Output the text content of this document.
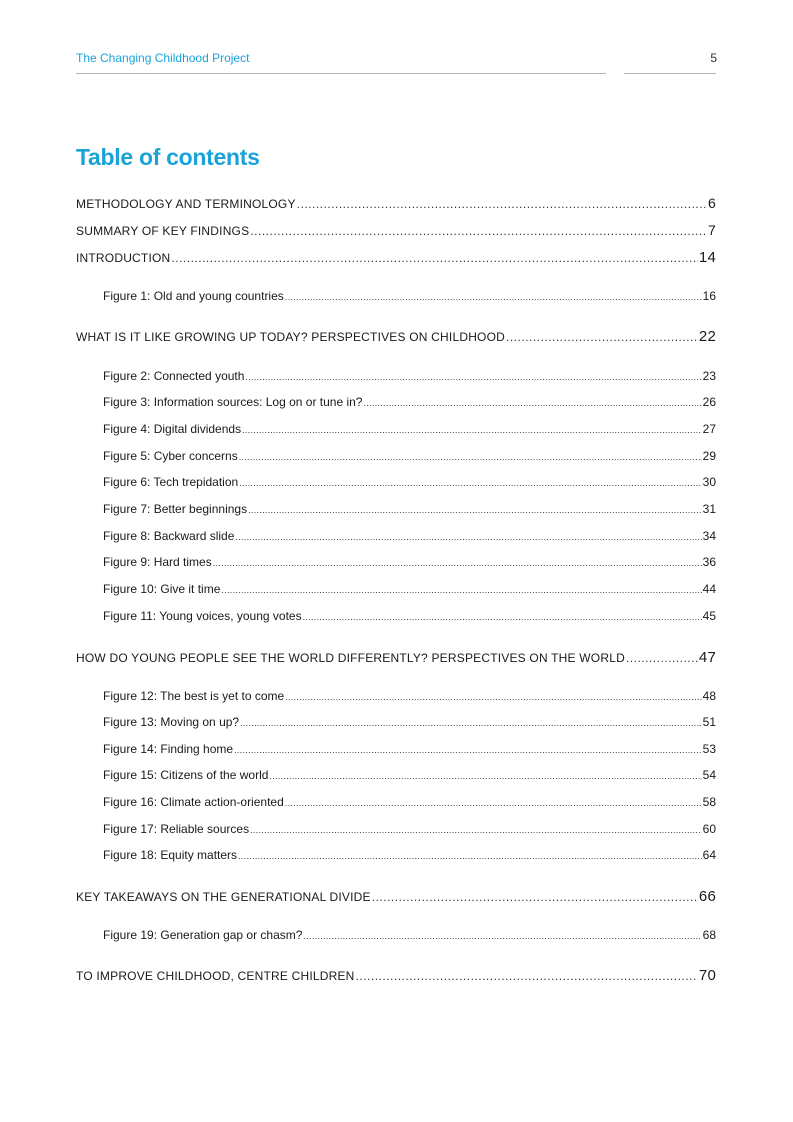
The Changing Childhood Project	5
Table of contents
METHODOLOGY AND TERMINOLOGY .....	6
SUMMARY OF KEY FINDINGS .....	7
INTRODUCTION .....	14
Figure 1: Old and young countries .....	16
WHAT IS IT LIKE GROWING UP TODAY? PERSPECTIVES ON CHILDHOOD .....	22
Figure 2: Connected youth .....	23
Figure 3: Information sources: Log on or tune in? .....	26
Figure 4: Digital dividends .....	27
Figure 5: Cyber concerns .....	29
Figure 6: Tech trepidation .....	30
Figure 7: Better beginnings .....	31
Figure 8: Backward slide .....	34
Figure 9: Hard times .....	36
Figure 10: Give it time .....	44
Figure 11: Young voices, young votes .....	45
HOW DO YOUNG PEOPLE SEE THE WORLD DIFFERENTLY? PERSPECTIVES ON THE WORLD .....	47
Figure 12: The best is yet to come .....	48
Figure 13: Moving on up? .....	51
Figure 14: Finding home .....	53
Figure 15: Citizens of the world .....	54
Figure 16: Climate action-oriented .....	58
Figure 17: Reliable sources .....	60
Figure 18: Equity matters .....	64
KEY TAKEAWAYS ON THE GENERATIONAL DIVIDE .....	66
Figure 19: Generation gap or chasm? .....	68
TO IMPROVE CHILDHOOD, CENTRE CHILDREN .....	70
